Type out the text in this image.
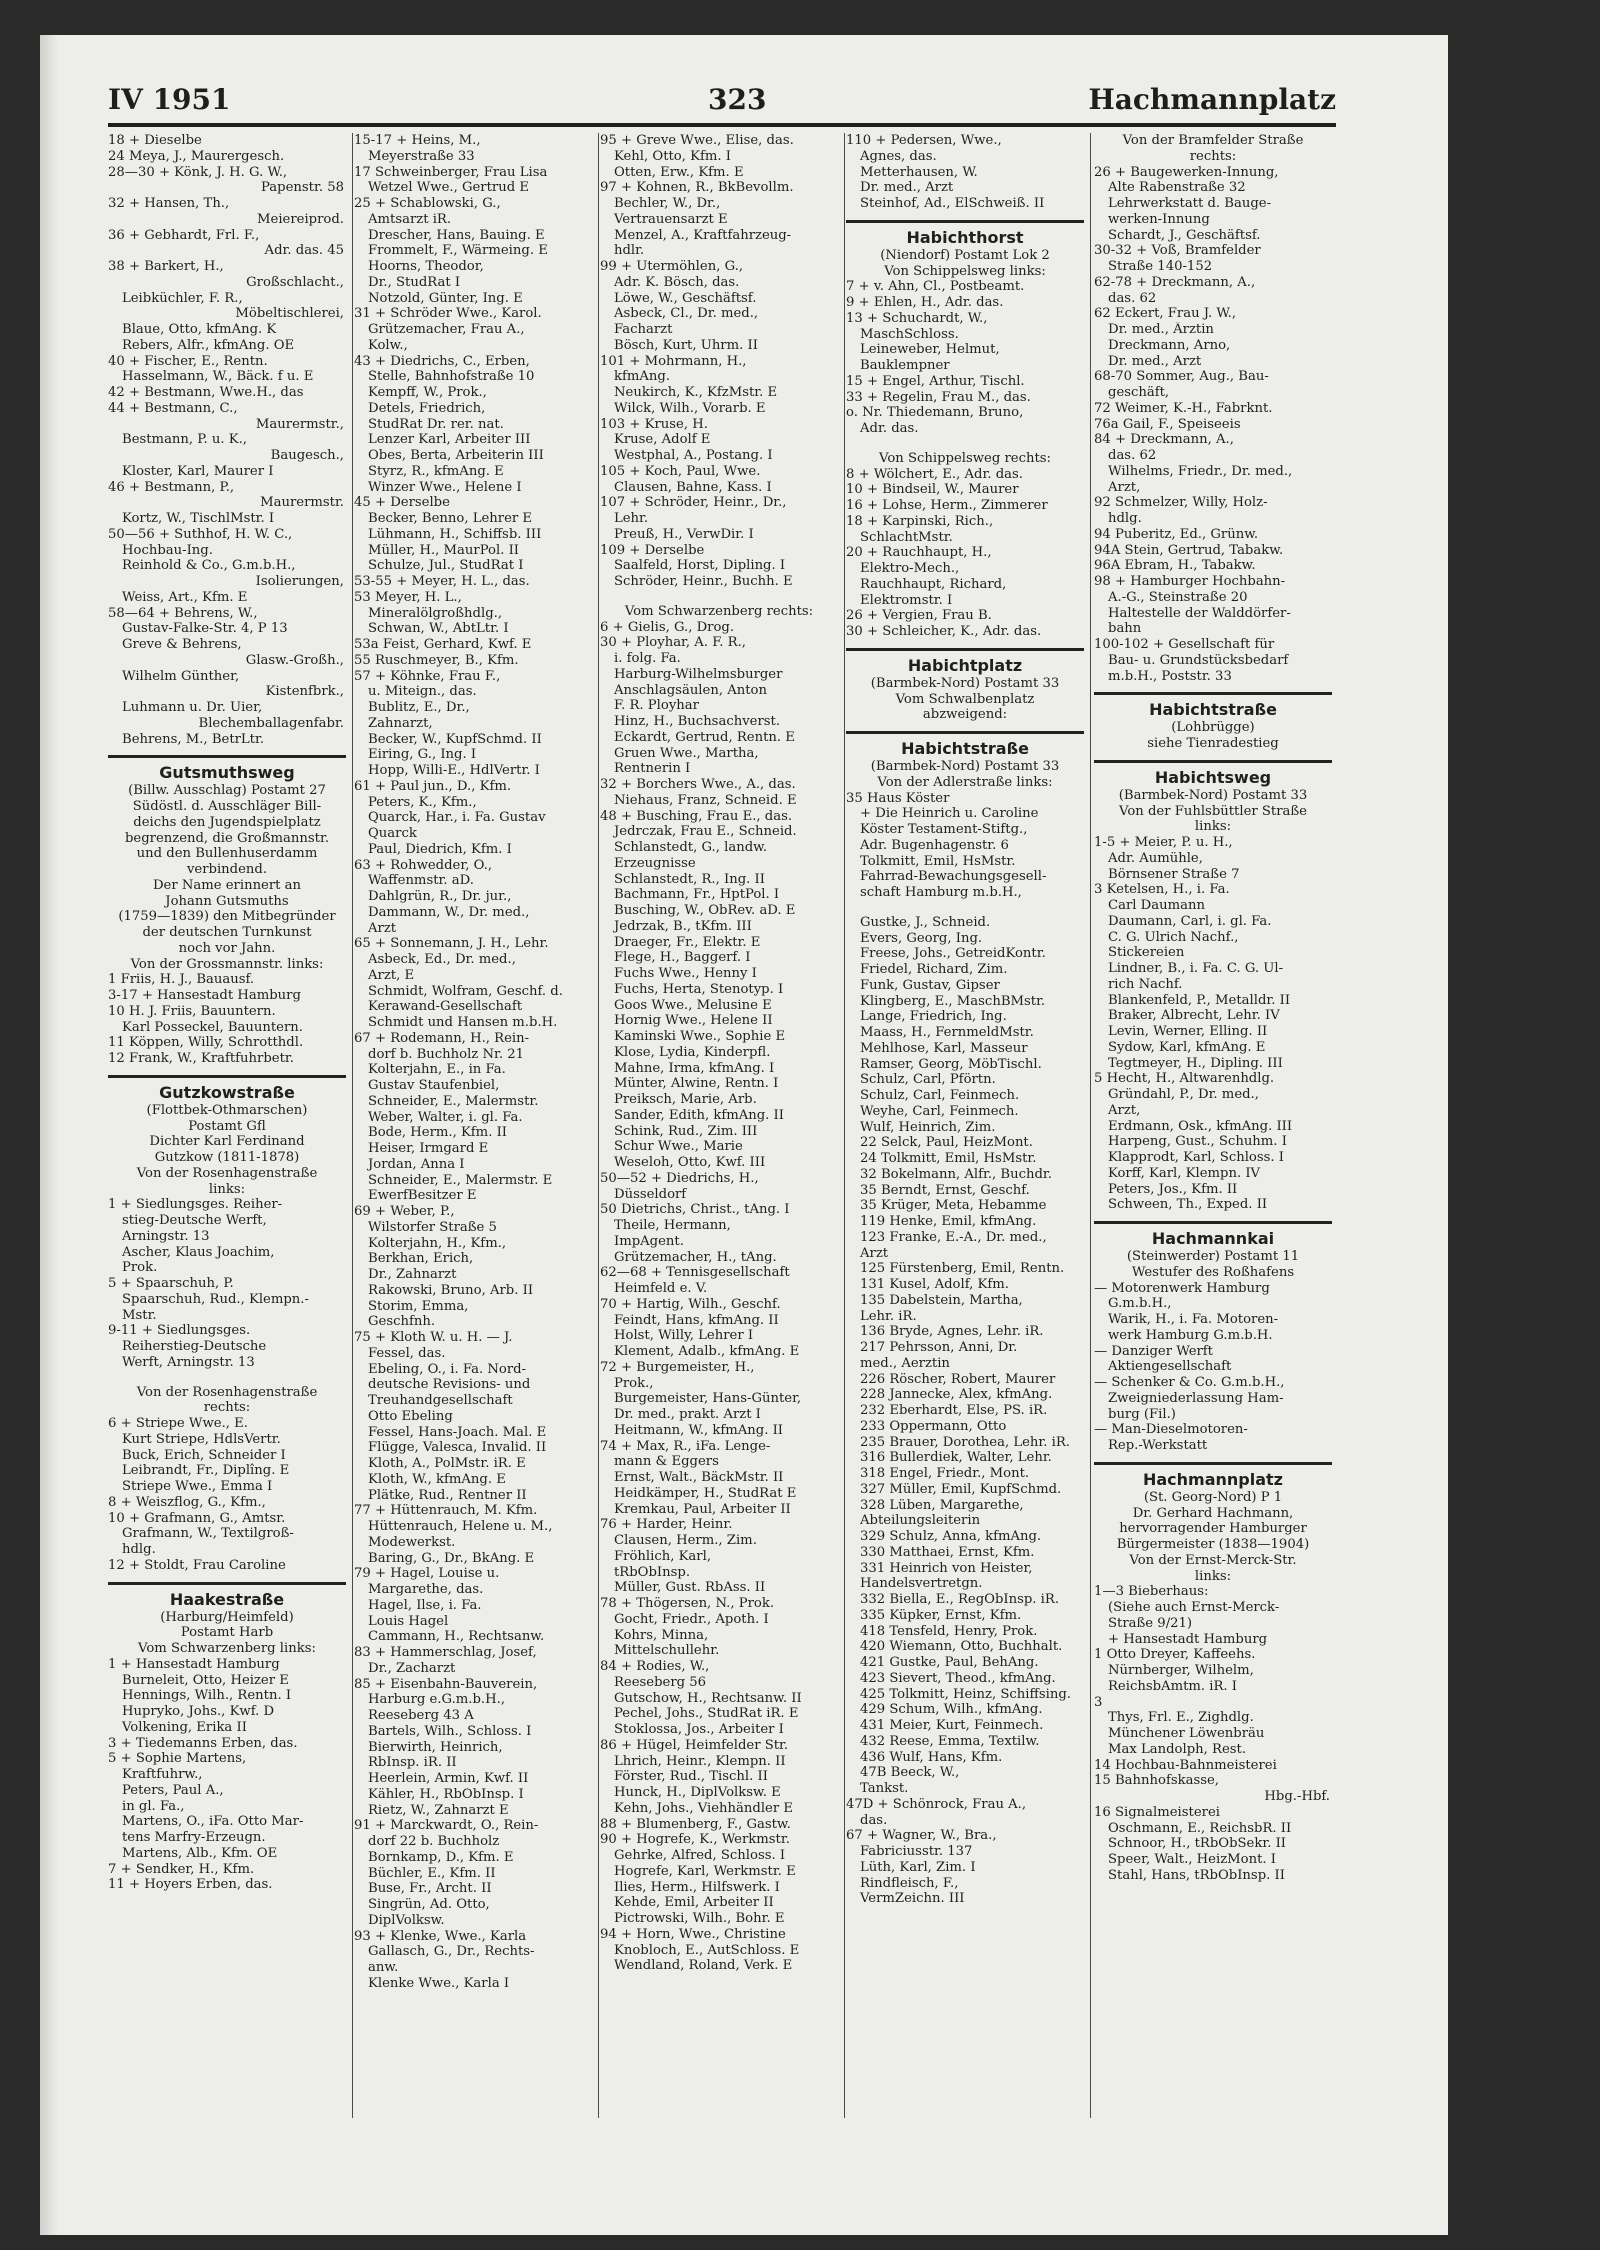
IV 1951	323	Hachmannplatz
18 + Dieselbe
24 Meya, J., Maurergesch.
28—30 + Könk, J. H. G. W.,
Papenstr. 58
32 + Hansen, Th.,
Meiereiprod.
36 + Gebhardt, Frl. F.,
Adr. das. 45
38 + Barkert, H.,
Großschlacht.,
Leibküchler, F. R.,
Möbeltischlerei,
Blaue, Otto, kfmAng. K
Rebers, Alfr., kfmAng. OE
40 + Fischer, E., Rentn.
Hasselmann, W., Bäck. f u. E
42 + Bestmann, Wwe.H., das
44 + Bestmann, C.,
Maurermstr.,
Bestmann, P. u. K.,
Baugesch.,
Kloster, Karl, Maurer I
46 + Bestmann, P.,
Maurermstr.
Kortz, W., TischlMstr. I
50—56 + Suthhof, H. W. C.,
Hochbau-Ing.
Reinhold & Co., G.m.b.H.,
Isolierungen,
Weiss, Art., Kfm. E
58—64 + Behrens, W.,
Gustav-Falke-Str. 4, P 13
Greve & Behrens,
Glasw.-Großh.,
Wilhelm Günther,
Kistenfbrk.,
Luhmann u. Dr. Uier,
Blechemballagenfabr.
Behrens, M., BetrLtr.
Gutsmuthsweg
(Billw. Ausschlag) Postamt 27
Südöstl. d. Ausschläger Bill-
deichs den Jugendspielplatz
begrenzend, die Großmannstr.
und den Bullenhuserdamm
verbindend.
Der Name erinnert an
Johann Gutsmuths
(1759—1839) den Mitbegründer
der deutschen Turnkunst
noch vor Jahn.
Von der Grossmannstr. links:
1 Friis, H. J., Bauausf.
3-17 + Hansestadt Hamburg
10 H. J. Friis, Bauuntern.
Karl Posseckel, Bauuntern.
11 Köppen, Willy, Schrotthdl.
12 Frank, W., Kraftfuhrbetr.
Gutzkowstraße
(Flottbek-Othmarschen)
Postamt Gfl
Dichter Karl Ferdinand
Gutzkow (1811-1878)
Von der Rosenhagenstraße
links:
1 + Siedlungsges. Reiher-
stieg-Deutsche Werft,
Arningstr. 13
Ascher, Klaus Joachim,
Prok.
5 + Spaarschuh, P.
Spaarschuh, Rud., Klempn.-
Mstr.
9-11 + Siedlungsges.
Reiherstieg-Deutsche
Werft, Arningstr. 13
Von der Rosenhagenstraße
rechts:
6 + Striepe Wwe., E.
Kurt Striepe, HdlsVertr.
Buck, Erich, Schneider I
Leibrandt, Fr., Diplîng. E
Striepe Wwe., Emma I
8 + Weiszflog, G., Kfm.,
10 + Grafmann, G., Amtsr.
Grafmann, W., Textilgroß-
hdlg.
12 + Stoldt, Frau Caroline
Haakestraße
(Harburg/Heimfeld)
Postamt Harb
Vom Schwarzenberg links:
1 + Hansestadt Hamburg
Burneleit, Otto, Heizer E
Hennings, Wilh., Rentn. I
Hupryko, Johs., Kwf. D
Volkening, Erika II
3 + Tiedemanns Erben, das.
5 + Sophie Martens,
Kraftfuhrw.,
Peters, Paul A.,
in gl. Fa.,
Martens, O., iFa. Otto Mar-
tens Marfry-Erzeugn.
Martens, Alb., Kfm. OE
7 + Sendker, H., Kfm.
11 + Hoyers Erben, das.
15-17 + Heins, M.,
Meyerstraße 33
17 Schweinberger, Frau Lisa
Wetzel Wwe., Gertrud E
25 + Schablowski, G.,
Amtsarzt iR.
Drescher, Hans, Bauing. E
Frommelt, F., Wärmeing. E
Hoorns, Theodor,
Dr., StudRat I
Notzold, Günter, Ing. E
31 + Schröder Wwe., Karol.
Grützemacher, Frau A.,
Kolw.,
43 + Diedrichs, C., Erben,
Stelle, Bahnhofstraße 10
Kempff, W., Prok.,
Detels, Friedrich,
StudRat Dr. rer. nat.
Lenzer Karl, Arbeiter III
Obes, Berta, Arbeiterin III
Styrz, R., kfmAng. E
Winzer Wwe., Helene I
45 + Derselbe
Becker, Benno, Lehrer E
Lühmann, H., Schiffsb. III
Müller, H., MaurPol. II
Schulze, Jul., StudRat I
53-55 + Meyer, H. L., das.
53 Meyer, H. L.,
Mineralölgroßhdlg.,
Schwan, W., AbtLtr. I
53a Feist, Gerhard, Kwf. E
55 Ruschmeyer, B., Kfm.
57 + Köhnke, Frau F.,
u. Miteign., das.
Bublitz, E., Dr.,
Zahnarzt,
Becker, W., KupfSchmd. II
Eiring, G., Ing. I
Hopp, Willi-E., HdlVertr. I
61 + Paul jun., D., Kfm.
Peters, K., Kfm.,
Quarck, Har., i. Fa. Gustav
Quarck
Paul, Diedrich, Kfm. I
63 + Rohwedder, O.,
Waffenmstr. aD.
Dahlgrün, R., Dr. jur.,
Dammann, W., Dr. med.,
Arzt
65 + Sonnemann, J. H., Lehr.
Asbeck, Ed., Dr. med.,
Arzt, E
Schmidt, Wolfram, Geschf. d.
Kerawand-Gesellschaft
Schmidt und Hansen m.b.H.
67 + Rodemann, H., Rein-
dorf b. Buchholz Nr. 21
Kolterjahn, E., in Fa.
Gustav Staufenbiel,
Schneider, E., Malermstr.
Weber, Walter, i. gl. Fa.
Bode, Herm., Kfm. II
Heiser, Irmgard E
Jordan, Anna I
Schneider, E., Malermstr. E
EwerfBesitzer E
69 + Weber, P.,
Wilstorfer Straße 5
Kolterjahn, H., Kfm.,
Berkhan, Erich,
Dr., Zahnarzt
Rakowski, Bruno, Arb. II
Storim, Emma,
Geschfnh.
75 + Kloth W. u. H. — J.
Fessel, das.
Ebeling, O., i. Fa. Nord-
deutsche Revisions- und
Treuhandgesellschaft
Otto Ebeling
Fessel, Hans-Joach. Mal. E
Flügge, Valesca, Invalid. II
Kloth, A., PolMstr. iR. E
Kloth, W., kfmAng. E
Plätke, Rud., Rentner II
77 + Hüttenrauch, M. Kfm.
Hüttenrauch, Helene u. M.,
Modewerkst.
Baring, G., Dr., BkAng. E
79 + Hagel, Louise u.
Margarethe, das.
Hagel, Ilse, i. Fa.
Louis Hagel
Cammann, H., Rechtsanw.
83 + Hammerschlag, Josef,
Dr., Zacharzt
85 + Eisenbahn-Bauverein,
Harburg e.G.m.b.H.,
Reeseberg 43 A
Bartels, Wilh., Schloss. I
Bierwirth, Heinrich,
RbInsp. iR. II
Heerlein, Armin, Kwf. II
Kähler, H., RbObInsp. I
Rietz, W., Zahnarzt E
91 + Marckwardt, O., Rein-
dorf 22 b. Buchholz
Bornkamp, D., Kfm. E
Büchler, E., Kfm. II
Buse, Fr., Archt. II
Singrün, Ad. Otto,
DiplVolksw.
93 + Klenke, Wwe., Karla
Gallasch, G., Dr., Rechts-
anw.
Klenke Wwe., Karla I
95 + Greve Wwe., Elise, das.
Kehl, Otto, Kfm. I
Otten, Erw., Kfm. E
97 + Kohnen, R., BkBevollm.
Bechler, W., Dr.,
Vertrauensarzt E
Menzel, A., Kraftfahrzeug-
hdlr.
99 + Utermöhlen, G.,
Adr. K. Bösch, das.
Löwe, W., Geschäftsf.
Asbeck, Cl., Dr. med.,
Facharzt
Bösch, Kurt, Uhrm. II
101 + Mohrmann, H.,
kfmAng.
Neukirch, K., KfzMstr. E
Wilck, Wilh., Vorarb. E
103 + Kruse, H.
Kruse, Adolf E
Westphal, A., Postang. I
105 + Koch, Paul, Wwe.
Clausen, Bahne, Kass. I
107 + Schröder, Heinr., Dr.,
Lehr.
Preuß, H., VerwDir. I
109 + Derselbe
Saalfeld, Horst, Dipling. I
Schröder, Heinr., Buchh. E
Vom Schwarzenberg rechts:
6 + Gielis, G., Drog.
30 + Ployhar, A. F. R.,
i. folg. Fa.
Harburg-Wilhelmsburger
Anschlagsäulen, Anton
F. R. Ployhar
Hinz, H., Buchsachverst.
Eckardt, Gertrud, Rentn. E
Gruen Wwe., Martha,
Rentnerin I
32 + Borchers Wwe., A., das.
Niehaus, Franz, Schneid. E
48 + Busching, Frau E., das.
Jedrczak, Frau E., Schneid.
Schlanstedt, G., landw.
Erzeugnisse
Schlanstedt, R., Ing. II
Bachmann, Fr., HptPol. I
Busching, W., ObRev. aD. E
Jedrzak, B., tKfm. III
Draeger, Fr., Elektr. E
Flege, H., Baggerf. I
Fuchs Wwe., Henny I
Fuchs, Herta, Stenotyp. I
Goos Wwe., Melusine E
Hornig Wwe., Helene II
Kaminski Wwe., Sophie E
Klose, Lydia, Kinderpfl.
Mahne, Irma, kfmAng. I
Münter, Alwine, Rentn. I
Preiksch, Marie, Arb.
Sander, Edith, kfmAng. II
Schink, Rud., Zim. III
Schur Wwe., Marie
Weseloh, Otto, Kwf. III
50—52 + Diedrichs, H.,
Düsseldorf
50 Dietrichs, Christ., tAng. I
Theile, Hermann,
ImpAgent.
Grützemacher, H., tAng.
62—68 + Tennisgesellschaft
Heimfeld e. V.
70 + Hartig, Wilh., Geschf.
Feindt, Hans, kfmAng. II
Holst, Willy, Lehrer I
Klement, Adalb., kfmAng. E
72 + Burgemeister, H.,
Prok.,
Burgemeister, Hans-Günter,
Dr. med., prakt. Arzt I
Heitmann, W., kfmAng. II
74 + Max, R., iFa. Lenge-
mann & Eggers
Ernst, Walt., BäckMstr. II
Heidkämper, H., StudRat E
Kremkau, Paul, Arbeiter II
76 + Harder, Heinr.
Clausen, Herm., Zim.
Fröhlich, Karl,
tRbObInsp.
Müller, Gust. RbAss. II
78 + Thögersen, N., Prok.
Gocht, Friedr., Apoth. I
Kohrs, Minna,
Mittelschullehr.
84 + Rodies, W.,
Reeseberg 56
Gutschow, H., Rechtsanw. II
Pechel, Johs., StudRat iR. E
Stoklossa, Jos., Arbeiter I
86 + Hügel, Heimfelder Str.
Lhrich, Heinr., Klempn. II
Förster, Rud., Tischl. II
Hunck, H., DiplVolksw. E
Kehn, Johs., Viehhändler E
88 + Blumenberg, F., Gastw.
90 + Hogrefe, K., Werkmstr.
Gehrke, Alfred, Schloss. I
Hogrefe, Karl, Werkmstr. E
Ilies, Herm., Hilfswerk. I
Kehde, Emil, Arbeiter II
Pictrowski, Wilh., Bohr. E
94 + Horn, Wwe., Christine
Knobloch, E., AutSchloss. E
Wendland, Roland, Verk. E
110 + Pedersen, Wwe.,
Agnes, das.
Metterhausen, W.
Dr. med., Arzt
Steinhof, Ad., ElSchweiß. II
Habichthorst
(Niendorf) Postamt Lok 2
Von Schippelsweg links:
7 + v. Ahn, Cl., Postbeamt.
9 + Ehlen, H., Adr. das.
13 + Schuchardt, W.,
MaschSchloss.
Leineweber, Helmut,
Bauklempner
15 + Engel, Arthur, Tischl.
33 + Regelin, Frau M., das.
o. Nr. Thiedemann, Bruno,
Adr. das.
Von Schippelsweg rechts:
8 + Wölchert, E., Adr. das.
10 + Bindseil, W., Maurer
16 + Lohse, Herm., Zimmerer
18 + Karpinski, Rich.,
SchlachtMstr.
20 + Rauchhaupt, H.,
Elektro-Mech.,
Rauchhaupt, Richard,
Elektromstr. I
26 + Vergien, Frau B.
30 + Schleicher, K., Adr. das.
Habichtplatz
(Barmbek-Nord) Postamt 33
Vom Schwalbenplatz
abzweigend:
Habichtstraße
(Barmbek-Nord) Postamt 33
Von der Adlerstraße links:
35 Haus Köster
+ Die Heinrich u. Caroline
Köster Testament-Stiftg.,
Adr. Bugenhagenstr. 6
Tolkmitt, Emil, HsMstr.
Fahrrad-Bewachungsgesell-
schaft Hamburg m.b.H.,
Gustke, J., Schneid.
Evers, Georg, Ing.
Freese, Johs., GetreidKontr.
Friedel, Richard, Zim.
Funk, Gustav, Gipser
Klingberg, E., MaschBMstr.
Lange, Friedrich, Ing.
Maass, H., FernmeldMstr.
Mehlhose, Karl, Masseur
Ramser, Georg, MöbTischl.
Schulz, Carl, Pförtn.
Schulz, Carl, Feinmech.
Weyhe, Carl, Feinmech.
Wulf, Heinrich, Zim.
22 Selck, Paul, HeizMont.
24 Tolkmitt, Emil, HsMstr.
32 Bokelmann, Alfr., Buchdr.
35 Berndt, Ernst, Geschf.
35 Krüger, Meta, Hebamme
119 Henke, Emil, kfmAng.
123 Franke, E.-A., Dr. med.,
Arzt
125 Fürstenberg, Emil, Rentn.
131 Kusel, Adolf, Kfm.
135 Dabelstein, Martha,
Lehr. iR.
136 Bryde, Agnes, Lehr. iR.
217 Pehrsson, Anni, Dr.
med., Aerztin
226 Röscher, Robert, Maurer
228 Jannecke, Alex, kfmAng.
232 Eberhardt, Else, PS. iR.
233 Oppermann, Otto
235 Brauer, Dorothea, Lehr. iR.
316 Bullerdiek, Walter, Lehr.
318 Engel, Friedr., Mont.
327 Müller, Emil, KupfSchmd.
328 Lüben, Margarethe,
Abteilungsleiterin
329 Schulz, Anna, kfmAng.
330 Matthaei, Ernst, Kfm.
331 Heinrich von Heister,
Handelsvertretgn.
332 Biella, E., RegObInsp. iR.
335 Küpker, Ernst, Kfm.
418 Tensfeld, Henry, Prok.
420 Wiemann, Otto, Buchhalt.
421 Gustke, Paul, BehAng.
423 Sievert, Theod., kfmAng.
425 Tolkmitt, Heinz, Schiffsing.
429 Schum, Wilh., kfmAng.
431 Meier, Kurt, Feinmech.
432 Reese, Emma, Textilw.
436 Wulf, Hans, Kfm.
47B Beeck, W.,
Tankst.
47D + Schönrock, Frau A.,
das.
67 + Wagner, W., Bra.,
Fabriciusstr. 137
Lüth, Karl, Zim. I
Rindfleisch, F.,
VermZeichn. III
Von der Bramfelder Straße
rechts:
26 + Baugewerken-Innung,
Alte Rabenstraße 32
Lehrwerkstatt d. Bauge-
werken-Innung
Schardt, J., Geschäftsf.
30-32 + Voß, Bramfelder
Straße 140-152
62-78 + Dreckmann, A.,
das. 62
62 Eckert, Frau J. W.,
Dr. med., Ärztin
Dreckmann, Arno,
Dr. med., Arzt
68-70 Sommer, Aug., Bau-
geschäft,
72 Weimer, K.-H., Fabrknt.
76a Gail, F., Speiseeis
84 + Dreckmann, A.,
das. 62
Wilhelms, Friedr., Dr. med.,
Arzt,
92 Schmelzer, Willy, Holz-
hdlg.
94 Puberitz, Ed., Grünw.
94A Stein, Gertrud, Tabakw.
96A Ebram, H., Tabakw.
98 + Hamburger Hochbahn-
A.-G., Steinstraße 20
Haltestelle der Walddörfer-
bahn
100-102 + Gesellschaft für
Bau- u. Grundstücksbedarf
m.b.H., Poststr. 33
Habichtstraße
(Lohbrügge)
siehe Tienradestieg
Habichtsweg
(Barmbek-Nord) Postamt 33
Von der Fuhlsbüttler Straße
links:
1-5 + Meier, P. u. H.,
Adr. Aumühle,
Börnsener Straße 7
3 Ketelsen, H., i. Fa.
Carl Daumann
Daumann, Carl, i. gl. Fa.
C. G. Ulrich Nachf.,
Stickereien
Lindner, B., i. Fa. C. G. Ul-
rich Nachf.
Blankenfeld, P., Metalldr. II
Braker, Albrecht, Lehr. IV
Levin, Werner, Elling. II
Sydow, Karl, kfmAng. E
Tegtmeyer, H., Dipling. III
5 Hecht, H., Altwarenhdlg.
Gründahl, P., Dr. med.,
Arzt,
Erdmann, Osk., kfmAng. III
Harpeng, Gust., Schuhm. I
Klapprodt, Karl, Schloss. I
Korff, Karl, Klempn. IV
Peters, Jos., Kfm. II
Schween, Th., Exped. II
Hachmannkai
(Steinwerder) Postamt 11
Westufer des Roßhafens
— Motorenwerk Hamburg
G.m.b.H.,
Warik, H., i. Fa. Motoren-
werk Hamburg G.m.b.H.
— Danziger Werft
Aktiengesellschaft
— Schenker & Co. G.m.b.H.,
Zweigniederlassung Ham-
burg (Fil.)
— Man-Dieselmotoren-
Rep.-Werkstatt
Hachmannplatz
(St. Georg-Nord) P 1
Dr. Gerhard Hachmann,
hervorragender Hamburger
Bürgermeister (1838—1904)
Von der Ernst-Merck-Str.
links:
1—3 Bieberhaus:
(Siehe auch Ernst-Merck-
Straße 9/21)
+ Hansestadt Hamburg
1 Otto Dreyer, Kaffeehs.
Nürnberger, Wilhelm,
ReichsbAmtm. iR. I
3
Thys, Frl. E., Zighdlg.
Münchener Löwenbräu
Max Landolph, Rest.
14 Hochbau-Bahnmeisterei
15 Bahnhofskasse,
Hbg.-Hbf.
16 Signalmeisterei
Oschmann, E., ReichsbR. II
Schnoor, H., tRbObSekr. II
Speer, Walt., HeizMont. I
Stahl, Hans, tRbObInsp. II
